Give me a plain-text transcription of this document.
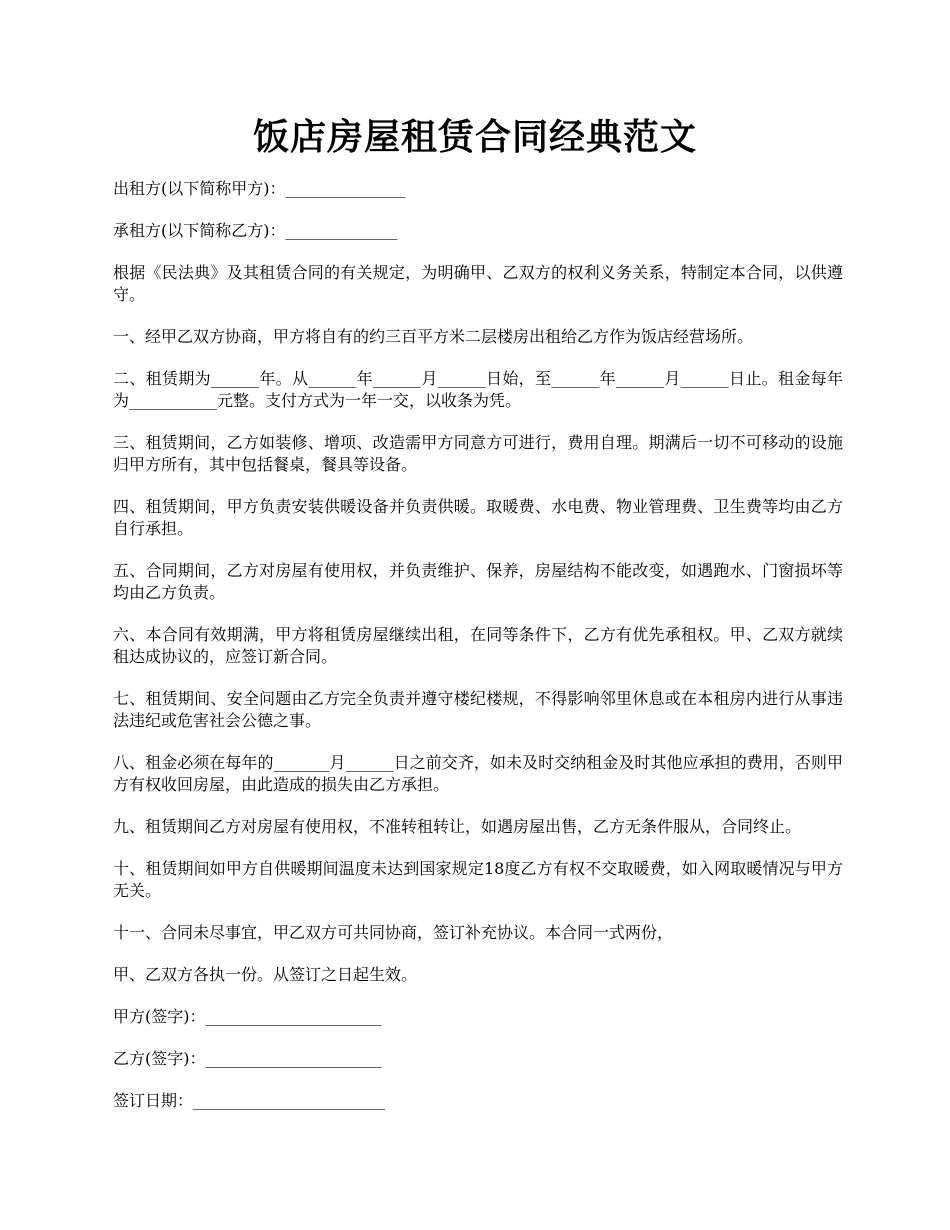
饭店房屋租赁合同经典范文

出租方(以下简称甲方)：_______________

承租方(以下简称乙方)：______________

根据《民法典》及其租赁合同的有关规定，为明确甲、乙双方的权利义务关系，特制定本合同，以供遵守。

一、经甲乙双方协商，甲方将自有的约三百平方米二层楼房出租给乙方作为饭店经营场所。

二、租赁期为______年。从______年______月______日始，至______年______月______日止。租金每年为___________元整。支付方式为一年一交，以收条为凭。

三、租赁期间，乙方如装修、增项、改造需甲方同意方可进行，费用自理。期满后一切不可移动的设施归甲方所有，其中包括餐桌，餐具等设备。

四、租赁期间，甲方负责安装供暖设备并负责供暖。取暖费、水电费、物业管理费、卫生费等均由乙方自行承担。

五、合同期间，乙方对房屋有使用权，并负责维护、保养，房屋结构不能改变，如遇跑水、门窗损坏等均由乙方负责。

六、本合同有效期满，甲方将租赁房屋继续出租，在同等条件下，乙方有优先承租权。甲、乙双方就续租达成协议的，应签订新合同。

七、租赁期间、安全问题由乙方完全负责并遵守楼纪楼规，不得影响邻里休息或在本租房内进行从事违法违纪或危害社会公德之事。

八、租金必须在每年的_______月______日之前交齐，如未及时交纳租金及时其他应承担的费用，否则甲方有权收回房屋，由此造成的损失由乙方承担。

九、租赁期间乙方对房屋有使用权，不准转租转让，如遇房屋出售，乙方无条件服从，合同终止。

十、租赁期间如甲方自供暖期间温度未达到国家规定18度乙方有权不交取暖费，如入网取暖情况与甲方无关。

十一、合同未尽事宜，甲乙双方可共同协商，签订补充协议。本合同一式两份，

甲、乙双方各执一份。从签订之日起生效。

甲方(签字)：______________________

乙方(签字)：______________________

签订日期：________________________
